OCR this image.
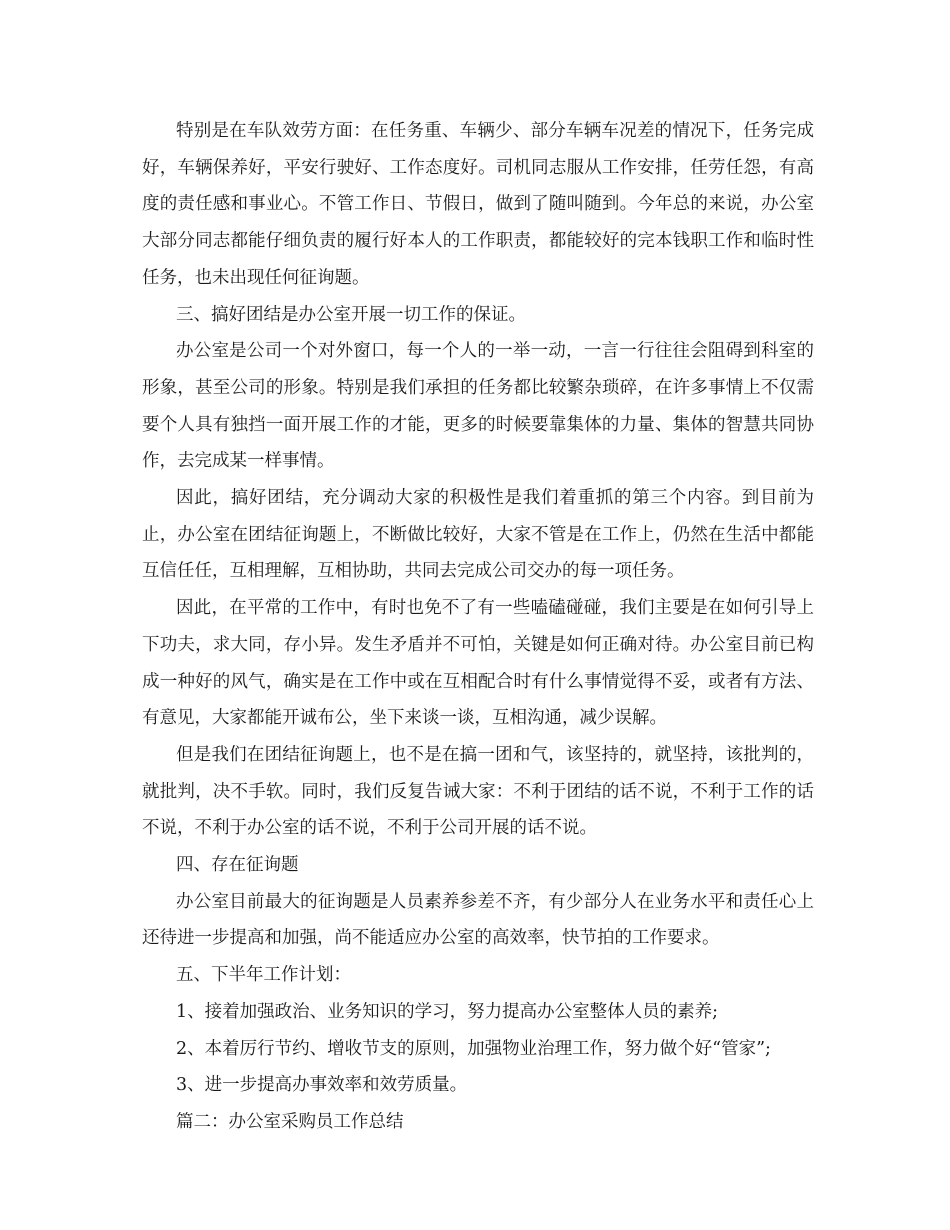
特别是在车队效劳方面：在任务重、车辆少、部分车辆车况差的情况下，任务完成好，车辆保养好，平安行驶好、工作态度好。司机同志服从工作安排，任劳任怨，有高度的责任感和事业心。不管工作日、节假日，做到了随叫随到。今年总的来说，办公室大部分同志都能仔细负责的履行好本人的工作职责，都能较好的完本钱职工作和临时性任务，也未出现任何征询题。

三、搞好团结是办公室开展一切工作的保证。

办公室是公司一个对外窗口，每一个人的一举一动，一言一行往往会阻碍到科室的形象，甚至公司的形象。特别是我们承担的任务都比较繁杂琐碎，在许多事情上不仅需要个人具有独挡一面开展工作的才能，更多的时候要靠集体的力量、集体的智慧共同协作，去完成某一样事情。

因此，搞好团结，充分调动大家的积极性是我们着重抓的第三个内容。到目前为止，办公室在团结征询题上，不断做比较好，大家不管是在工作上，仍然在生活中都能互信任任，互相理解，互相协助，共同去完成公司交办的每一项任务。

因此，在平常的工作中，有时也免不了有一些嗑磕碰碰，我们主要是在如何引导上下功夫，求大同，存小异。发生矛盾并不可怕，关键是如何正确对待。办公室目前已构成一种好的风气，确实是在工作中或在互相配合时有什么事情觉得不妥，或者有方法、有意见，大家都能开诚布公，坐下来谈一谈，互相沟通，减少误解。

但是我们在团结征询题上，也不是在搞一团和气，该坚持的，就坚持，该批判的，就批判，决不手软。同时，我们反复告诫大家：不利于团结的话不说，不利于工作的话不说，不利于办公室的话不说，不利于公司开展的话不说。

四、存在征询题

办公室目前最大的征询题是人员素养参差不齐，有少部分人在业务水平和责任心上还待进一步提高和加强，尚不能适应办公室的高效率，快节拍的工作要求。

五、下半年工作计划：

1、接着加强政治、业务知识的学习，努力提高办公室整体人员的素养;

2、本着厉行节约、增收节支的原则，加强物业治理工作，努力做个好“管家”;

3、进一步提高办事效率和效劳质量。

篇二：办公室采购员工作总结
